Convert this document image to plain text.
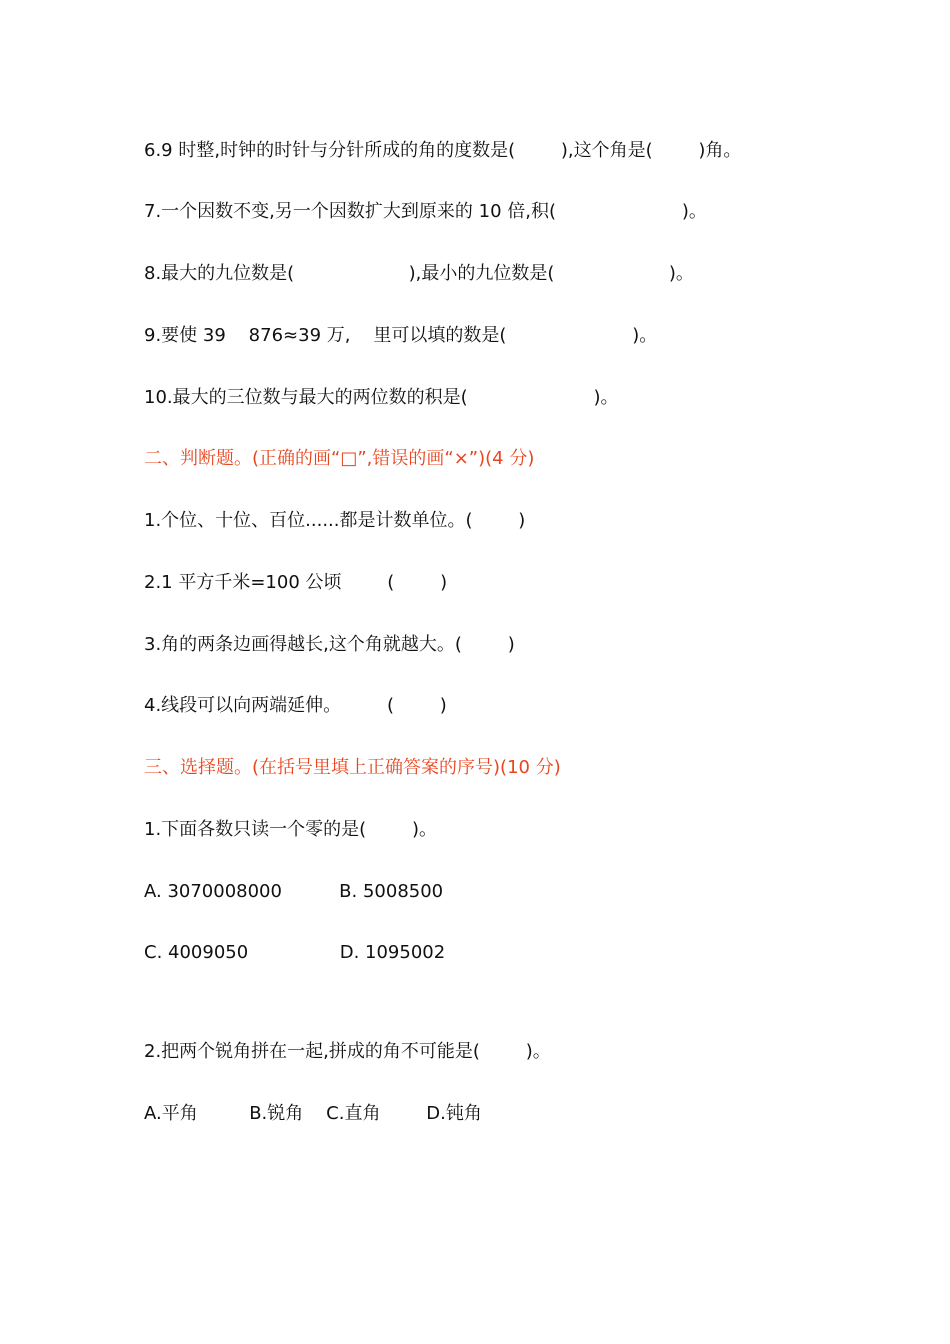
6.9 时整,时钟的时针与分针所成的角的度数是(        ),这个角是(        )角。

7.一个因数不变,另一个因数扩大到原来的 10 倍,积(                      )。

8.最大的九位数是(                    ),最小的九位数是(                    )。

9.要使 39    876≈39 万,    里可以填的数是(                      )。

10.最大的三位数与最大的两位数的积是(                      )。

二、判断题。(正确的画“□”,错误的画“×”)(4 分)

1.个位、十位、百位......都是计数单位。(        )

2.1 平方千米=100 公顷        (        )

3.角的两条边画得越长,这个角就越大。(        )

4.线段可以向两端延伸。        (        )

三、选择题。(在括号里填上正确答案的序号)(10 分)

1.下面各数只读一个零的是(        )。

A. 3070008000          B. 5008500

C. 4009050                D. 1095002

2.把两个锐角拼在一起,拼成的角不可能是(        )。

A.平角         B.锐角    C.直角        D.钝角
